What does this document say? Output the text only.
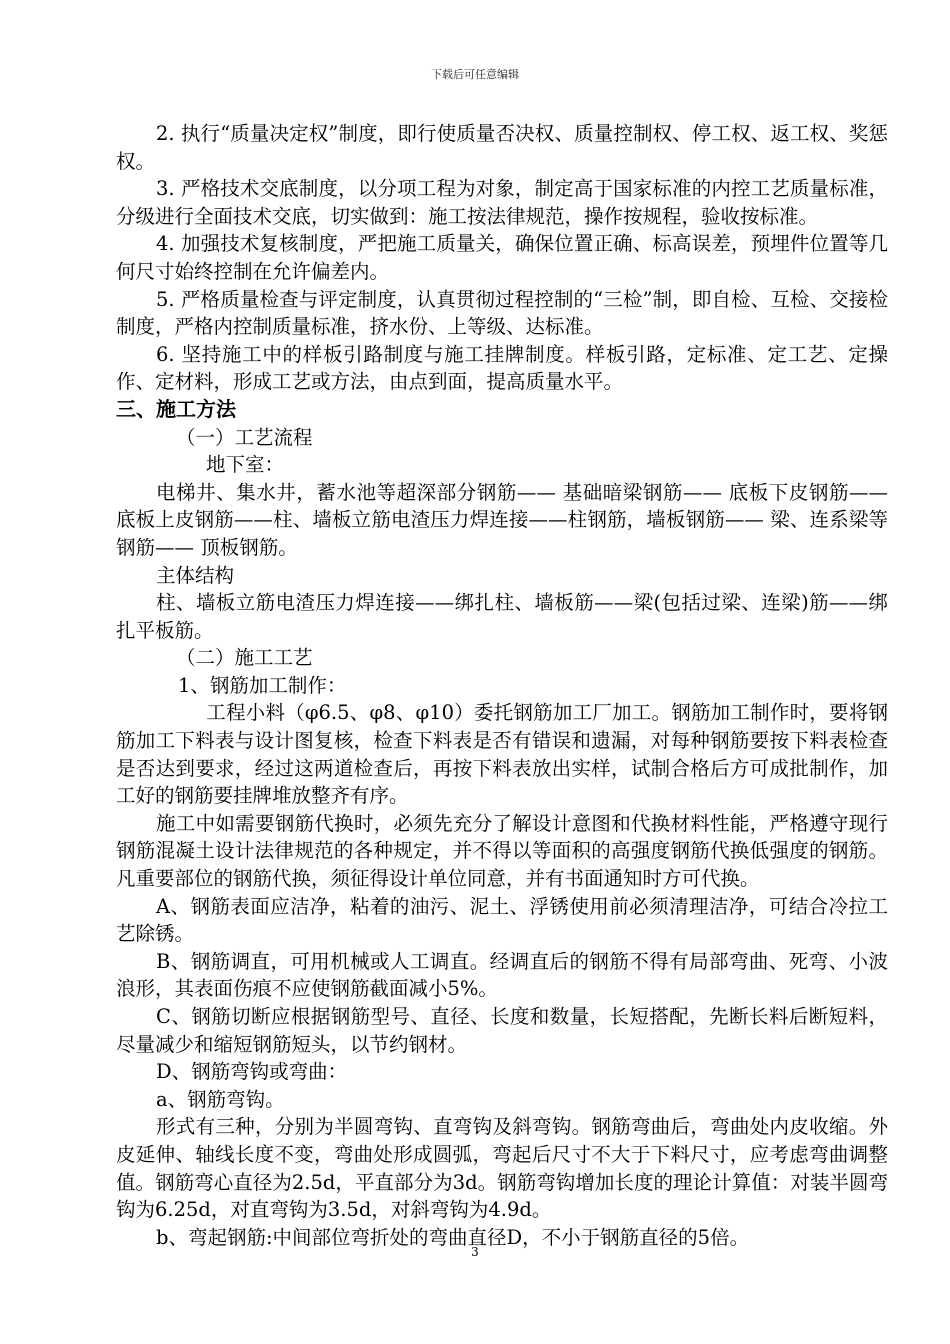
下载后可任意编辑

2. 执行“质量决定权”制度，即行使质量否决权、质量控制权、停工权、返工权、奖惩权。

3. 严格技术交底制度，以分项工程为对象，制定高于国家标准的内控工艺质量标准，分级进行全面技术交底，切实做到：施工按法律规范，操作按规程，验收按标准。

4. 加强技术复核制度，严把施工质量关，确保位置正确、标高误差，预埋件位置等几何尺寸始终控制在允许偏差内。

5. 严格质量检查与评定制度，认真贯彻过程控制的“三检”制，即自检、互检、交接检制度，严格内控制质量标准，挤水份、上等级、达标准。

6. 坚持施工中的样板引路制度与施工挂牌制度。样板引路，定标准、定工艺、定操作、定材料，形成工艺或方法，由点到面，提高质量水平。

三、施工方法

（一）工艺流程

地下室：

电梯井、集水井，蓄水池等超深部分钢筋—— 基础暗梁钢筋—— 底板下皮钢筋—— 底板上皮钢筋——柱、墙板立筋电渣压力焊连接——柱钢筋，墙板钢筋—— 梁、连系梁等钢筋—— 顶板钢筋。

主体结构

柱、墙板立筋电渣压力焊连接——绑扎柱、墙板筋——梁(包括过梁、连梁)筋——绑扎平板筋。

（二）施工工艺

1、钢筋加工制作：

工程小料（φ6.5、φ8、φ10）委托钢筋加工厂加工。钢筋加工制作时，要将钢筋加工下料表与设计图复核，检查下料表是否有错误和遗漏，对每种钢筋要按下料表检查是否达到要求，经过这两道检查后，再按下料表放出实样，试制合格后方可成批制作，加工好的钢筋要挂牌堆放整齐有序。

施工中如需要钢筋代换时，必须先充分了解设计意图和代换材料性能，严格遵守现行钢筋混凝土设计法律规范的各种规定，并不得以等面积的高强度钢筋代换低强度的钢筋。凡重要部位的钢筋代换，须征得设计单位同意，并有书面通知时方可代换。

A、钢筋表面应洁净，粘着的油污、泥土、浮锈使用前必须清理洁净，可结合冷拉工艺除锈。

B、钢筋调直，可用机械或人工调直。经调直后的钢筋不得有局部弯曲、死弯、小波浪形，其表面伤痕不应使钢筋截面减小5%。

C、钢筋切断应根据钢筋型号、直径、长度和数量，长短搭配，先断长料后断短料，尽量减少和缩短钢筋短头，以节约钢材。

D、钢筋弯钩或弯曲：

a、钢筋弯钩。

形式有三种，分别为半圆弯钩、直弯钩及斜弯钩。钢筋弯曲后，弯曲处内皮收缩。外皮延伸、轴线长度不变，弯曲处形成圆弧，弯起后尺寸不大于下料尺寸，应考虑弯曲调整值。钢筋弯心直径为2.5d，平直部分为3d。钢筋弯钩增加长度的理论计算值：对装半圆弯钩为6.25d，对直弯钩为3.5d，对斜弯钩为4.9d。

b、弯起钢筋:中间部位弯折处的弯曲直径D，不小于钢筋直径的5倍。

3
